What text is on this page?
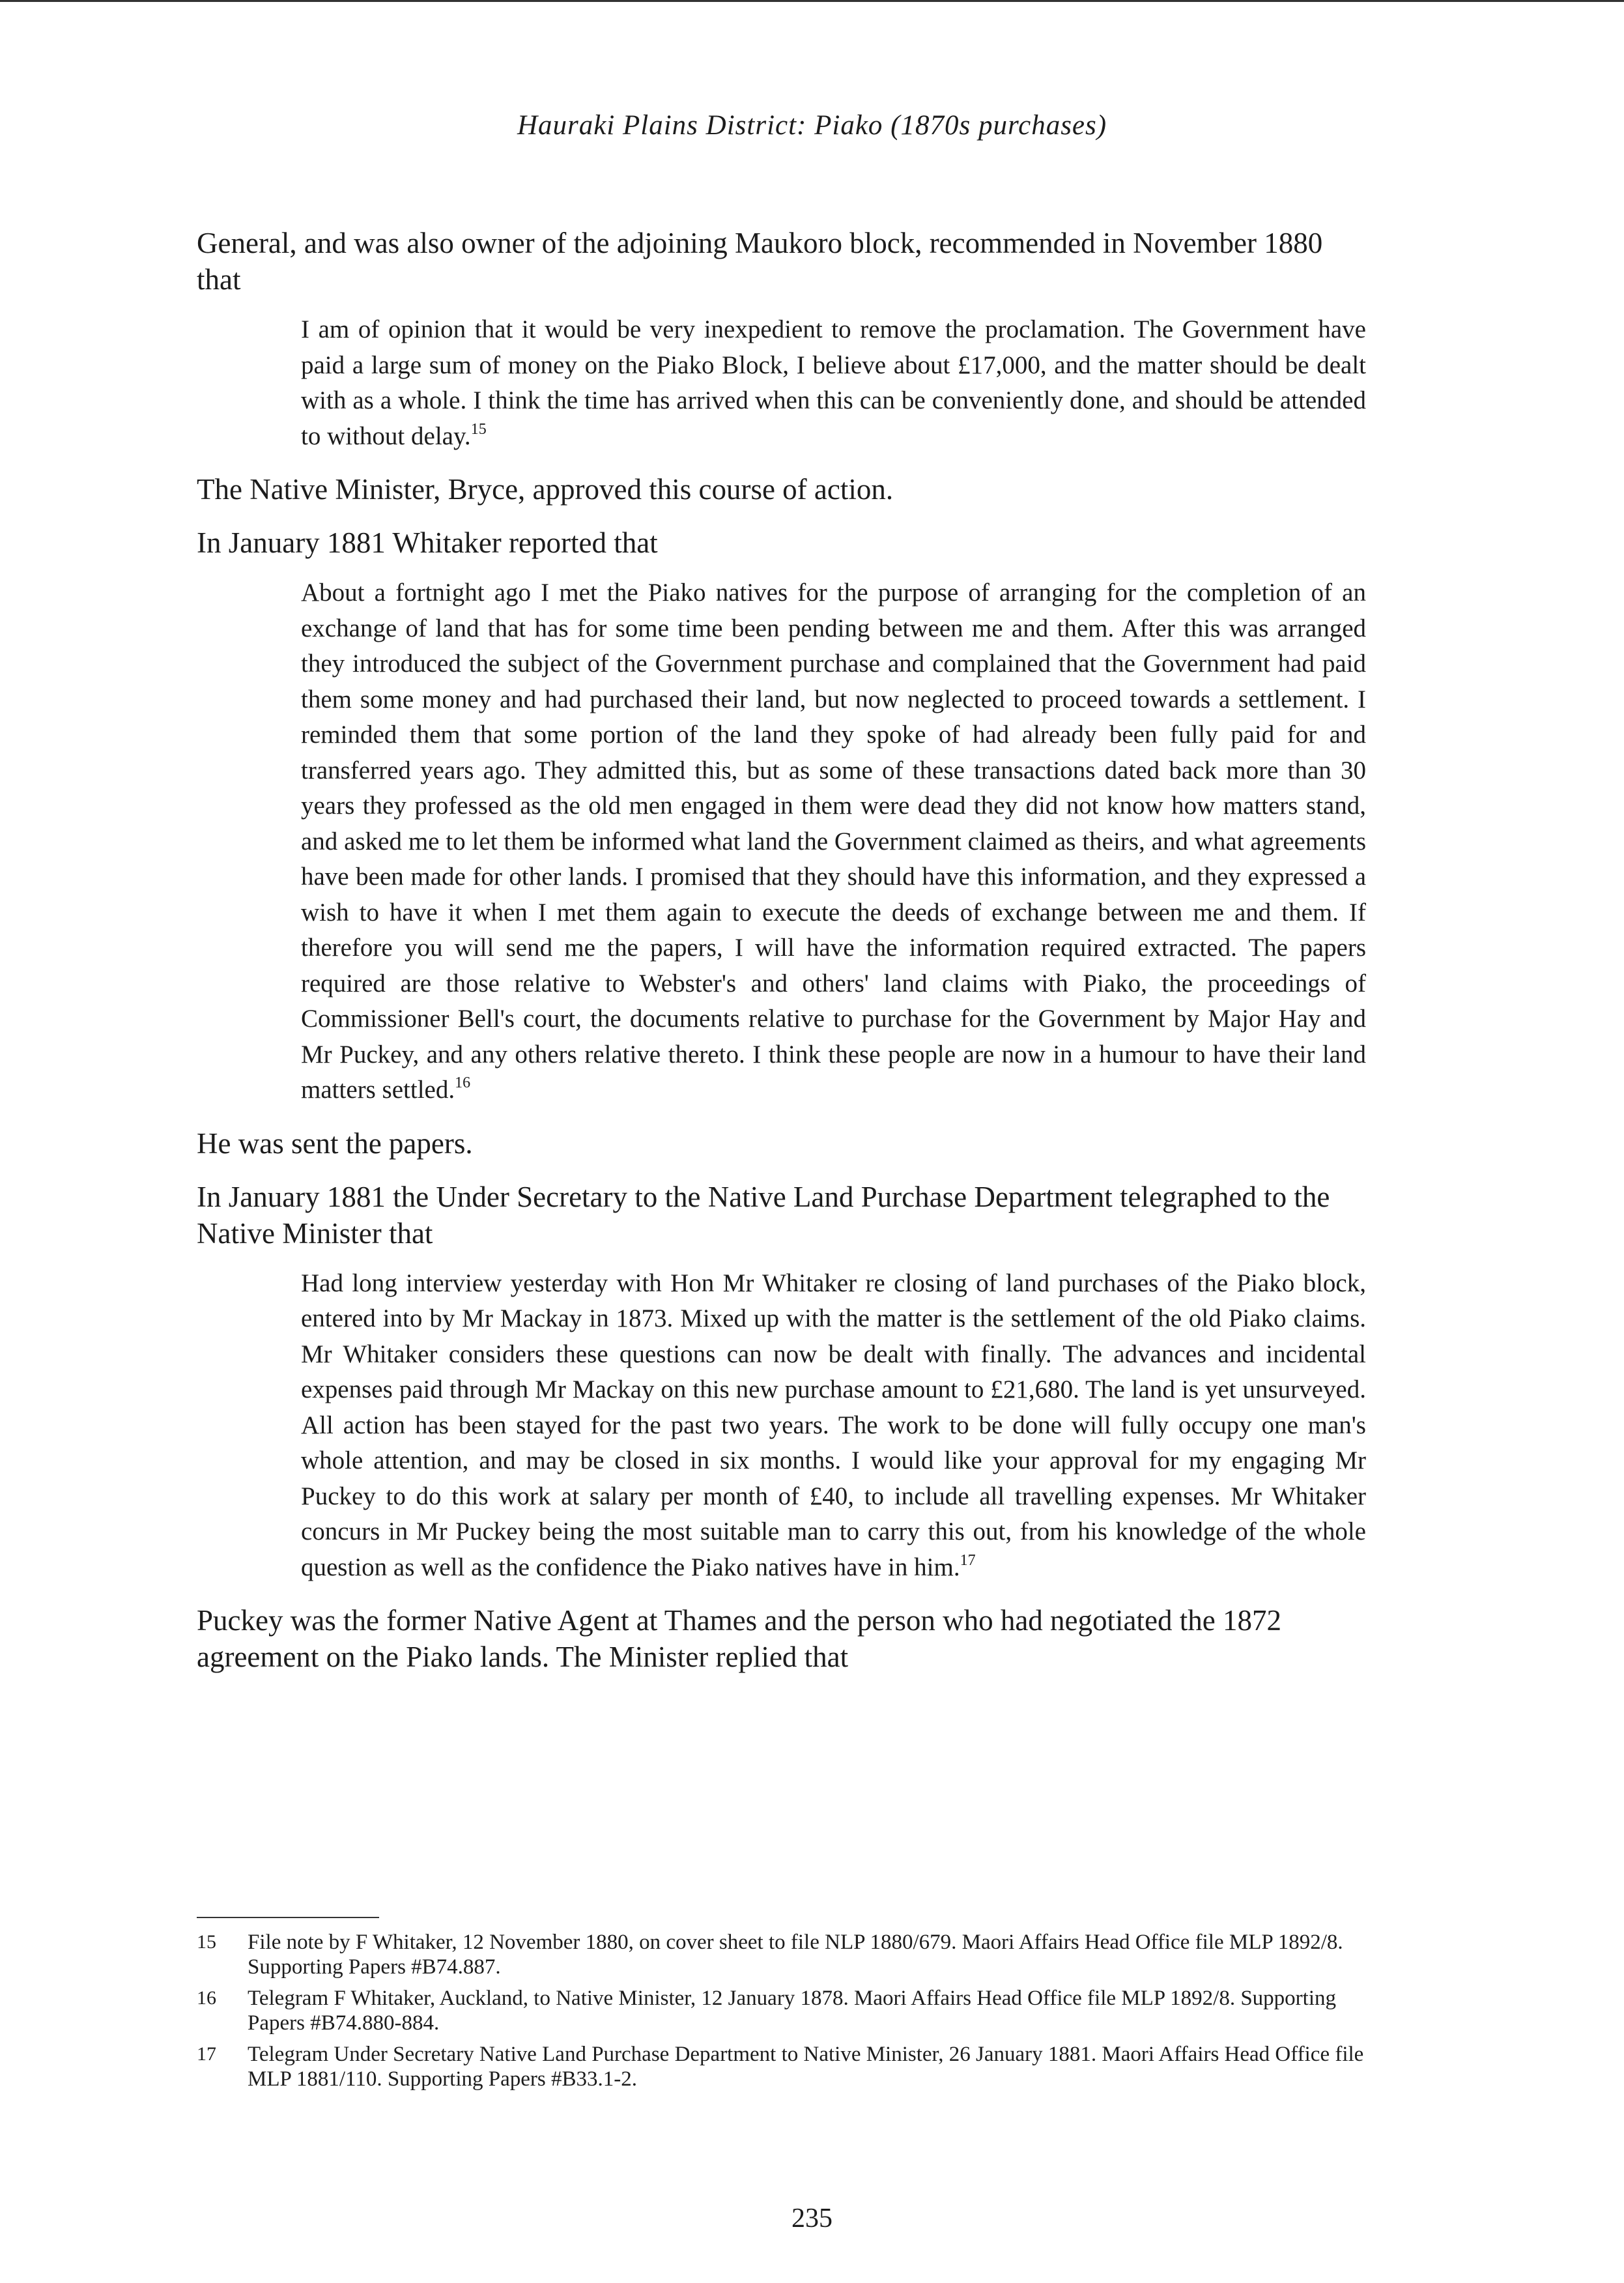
Hauraki Plains District: Piako (1870s purchases)

General, and was also owner of the adjoining Maukoro block, recommended in November 1880 that

I am of opinion that it would be very inexpedient to remove the proclamation. The Government have paid a large sum of money on the Piako Block, I believe about £17,000, and the matter should be dealt with as a whole. I think the time has arrived when this can be conveniently done, and should be attended to without delay.$^{15}$

The Native Minister, Bryce, approved this course of action.

In January 1881 Whitaker reported that

About a fortnight ago I met the Piako natives for the purpose of arranging for the completion of an exchange of land that has for some time been pending between me and them. After this was arranged they introduced the subject of the Government purchase and complained that the Government had paid them some money and had purchased their land, but now neglected to proceed towards a settlement. I reminded them that some portion of the land they spoke of had already been fully paid for and transferred years ago. They admitted this, but as some of these transactions dated back more than 30 years they professed as the old men engaged in them were dead they did not know how matters stand, and asked me to let them be informed what land the Government claimed as theirs, and what agreements have been made for other lands. I promised that they should have this information, and they expressed a wish to have it when I met them again to execute the deeds of exchange between me and them. If therefore you will send me the papers, I will have the information required extracted. The papers required are those relative to Webster's and others' land claims with Piako, the proceedings of Commissioner Bell's court, the documents relative to purchase for the Government by Major Hay and Mr Puckey, and any others relative thereto. I think these people are now in a humour to have their land matters settled.$^{16}$

He was sent the papers.

In January 1881 the Under Secretary to the Native Land Purchase Department telegraphed to the Native Minister that

Had long interview yesterday with Hon Mr Whitaker re closing of land purchases of the Piako block, entered into by Mr Mackay in 1873. Mixed up with the matter is the settlement of the old Piako claims. Mr Whitaker considers these questions can now be dealt with finally. The advances and incidental expenses paid through Mr Mackay on this new purchase amount to £21,680. The land is yet unsurveyed. All action has been stayed for the past two years. The work to be done will fully occupy one man's whole attention, and may be closed in six months. I would like your approval for my engaging Mr Puckey to do this work at salary per month of £40, to include all travelling expenses. Mr Whitaker concurs in Mr Puckey being the most suitable man to carry this out, from his knowledge of the whole question as well as the confidence the Piako natives have in him.$^{17}$

Puckey was the former Native Agent at Thames and the person who had negotiated the 1872 agreement on the Piako lands. The Minister replied that

15	File note by F Whitaker, 12 November 1880, on cover sheet to file NLP 1880/679. Maori Affairs Head Office file MLP 1892/8. Supporting Papers #B74.887.
16	Telegram F Whitaker, Auckland, to Native Minister, 12 January 1878. Maori Affairs Head Office file MLP 1892/8. Supporting Papers #B74.880-884.
17	Telegram Under Secretary Native Land Purchase Department to Native Minister, 26 January 1881. Maori Affairs Head Office file MLP 1881/110. Supporting Papers #B33.1-2.
235
